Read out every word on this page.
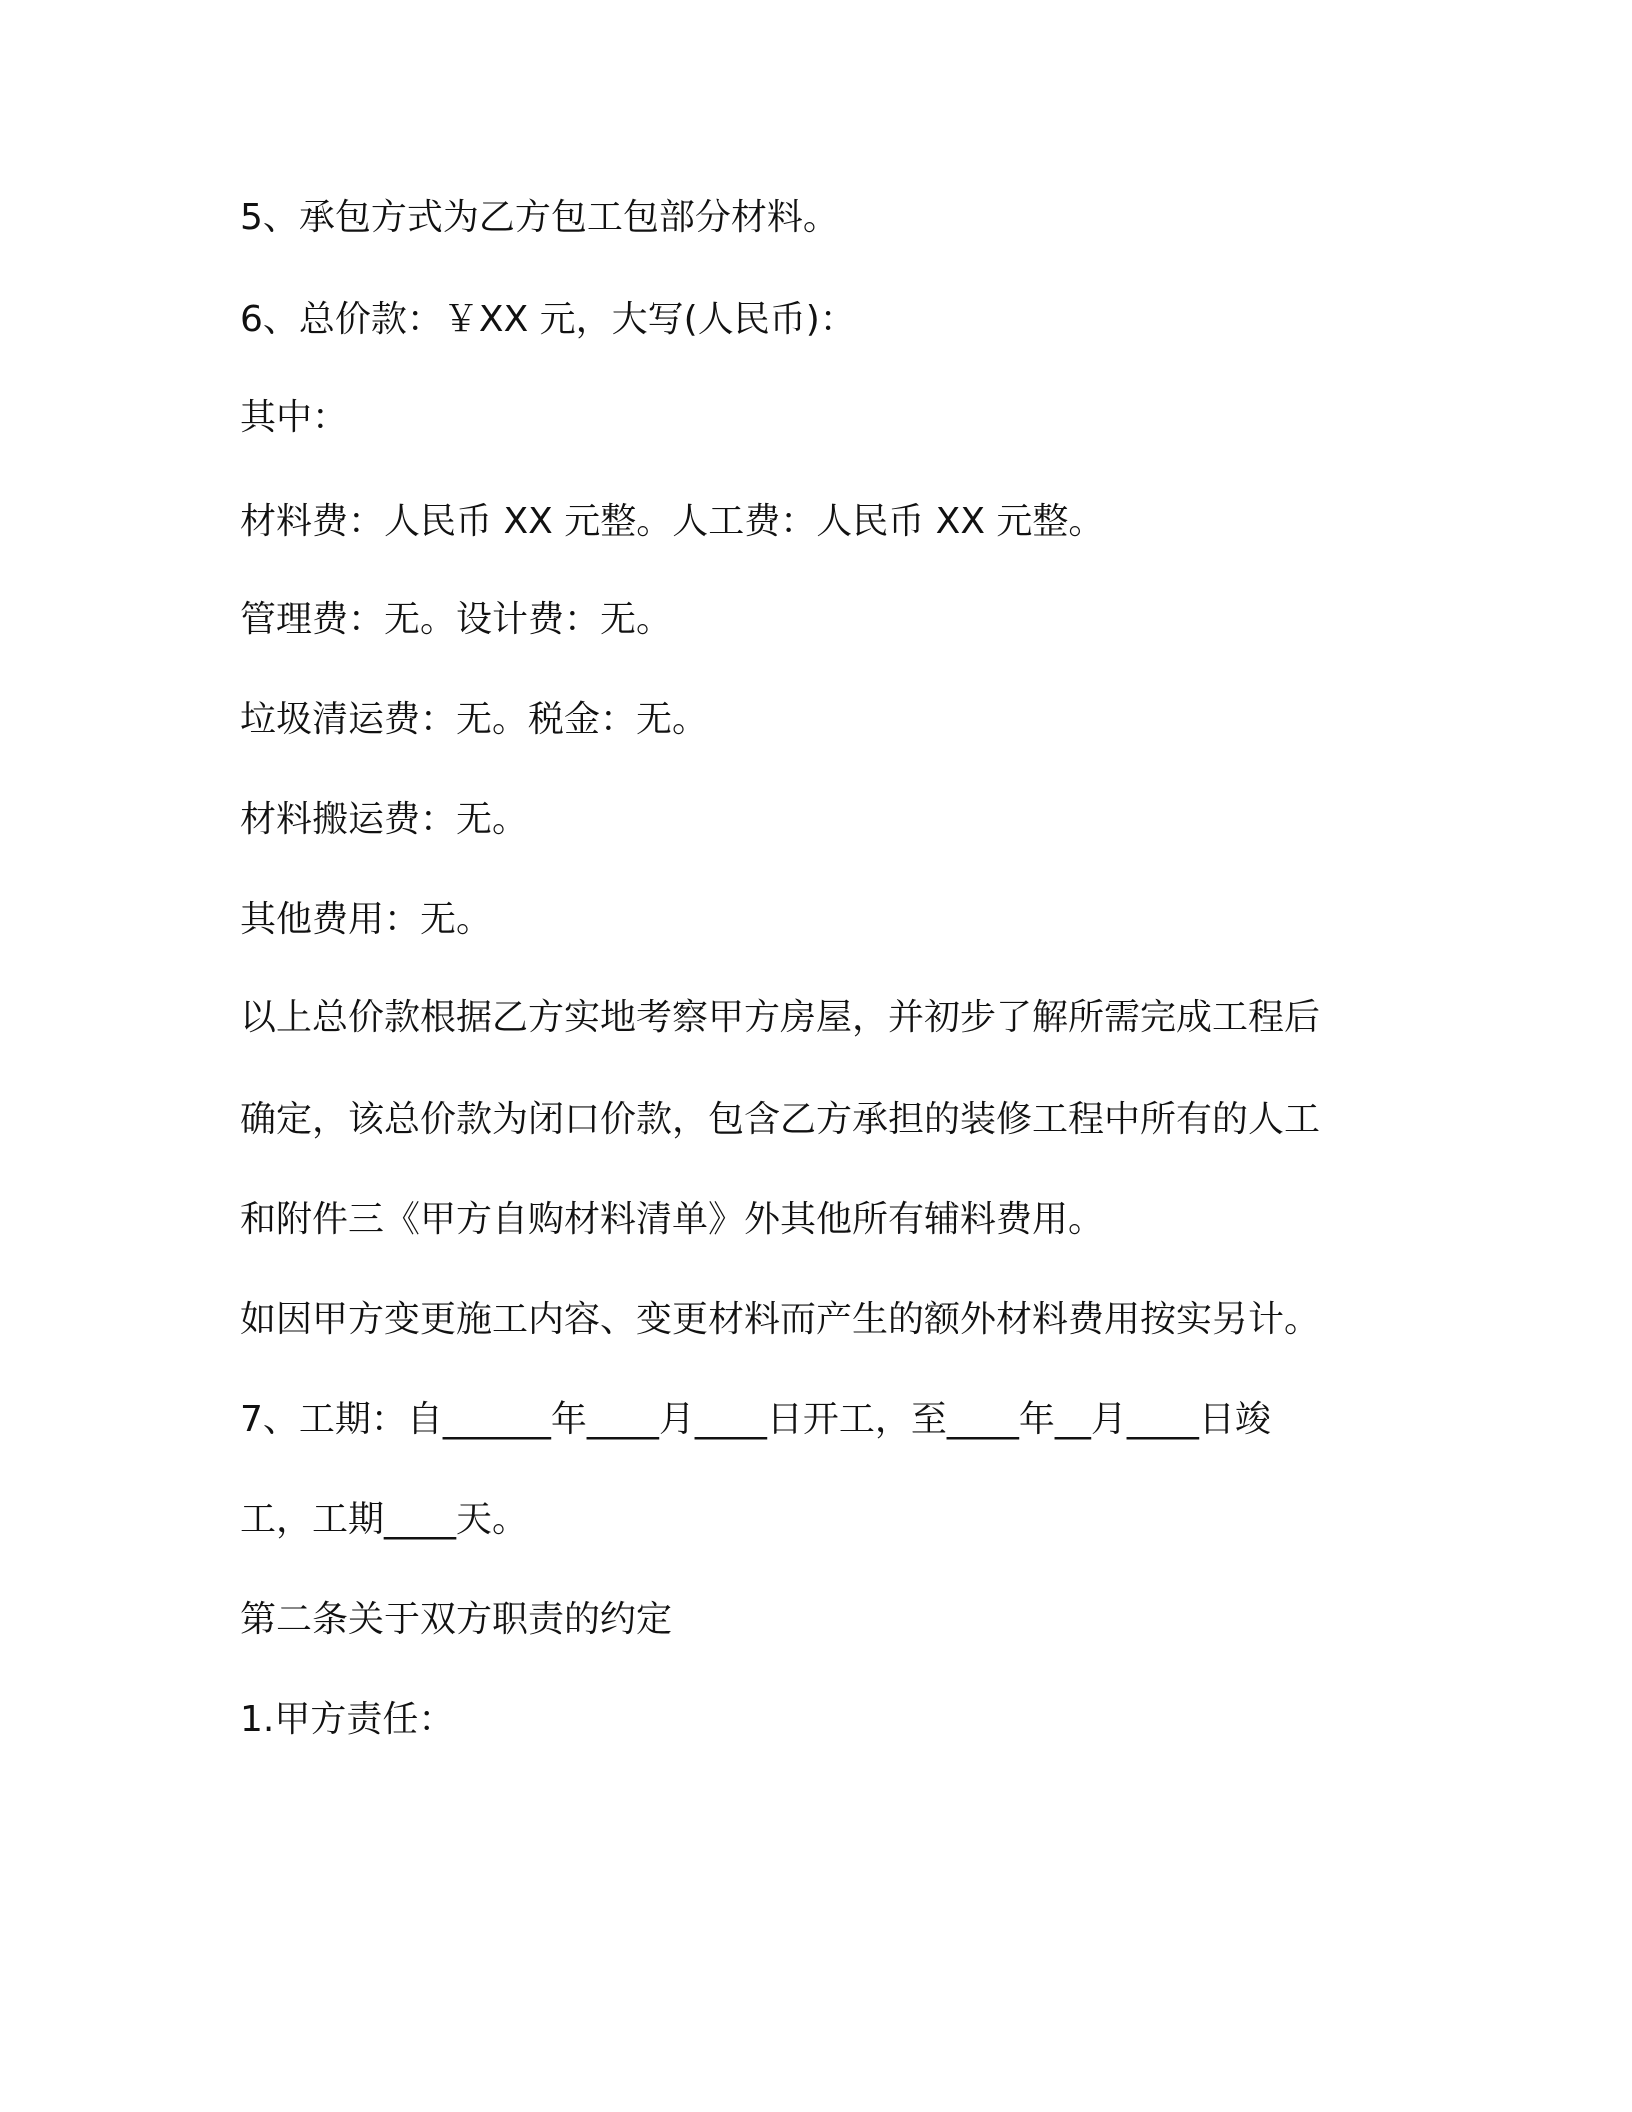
5、承包方式为乙方包工包部分材料。
6、总价款：￥XX 元，大写(人民币)：
其中：
材料费：人民币 XX 元整。人工费：人民币 XX 元整。
管理费：无。设计费：无。
垃圾清运费：无。税金：无。
材料搬运费：无。
其他费用：无。
以上总价款根据乙方实地考察甲方房屋，并初步了解所需完成工程后
确定，该总价款为闭口价款，包含乙方承担的装修工程中所有的人工
和附件三《甲方自购材料清单》外其他所有辅料费用。
如因甲方变更施工内容、变更材料而产生的额外材料费用按实另计。
7、工期：自______年____月____日开工，至____年__月____日竣
工，工期____天。
第二条关于双方职责的约定
1.甲方责任：
